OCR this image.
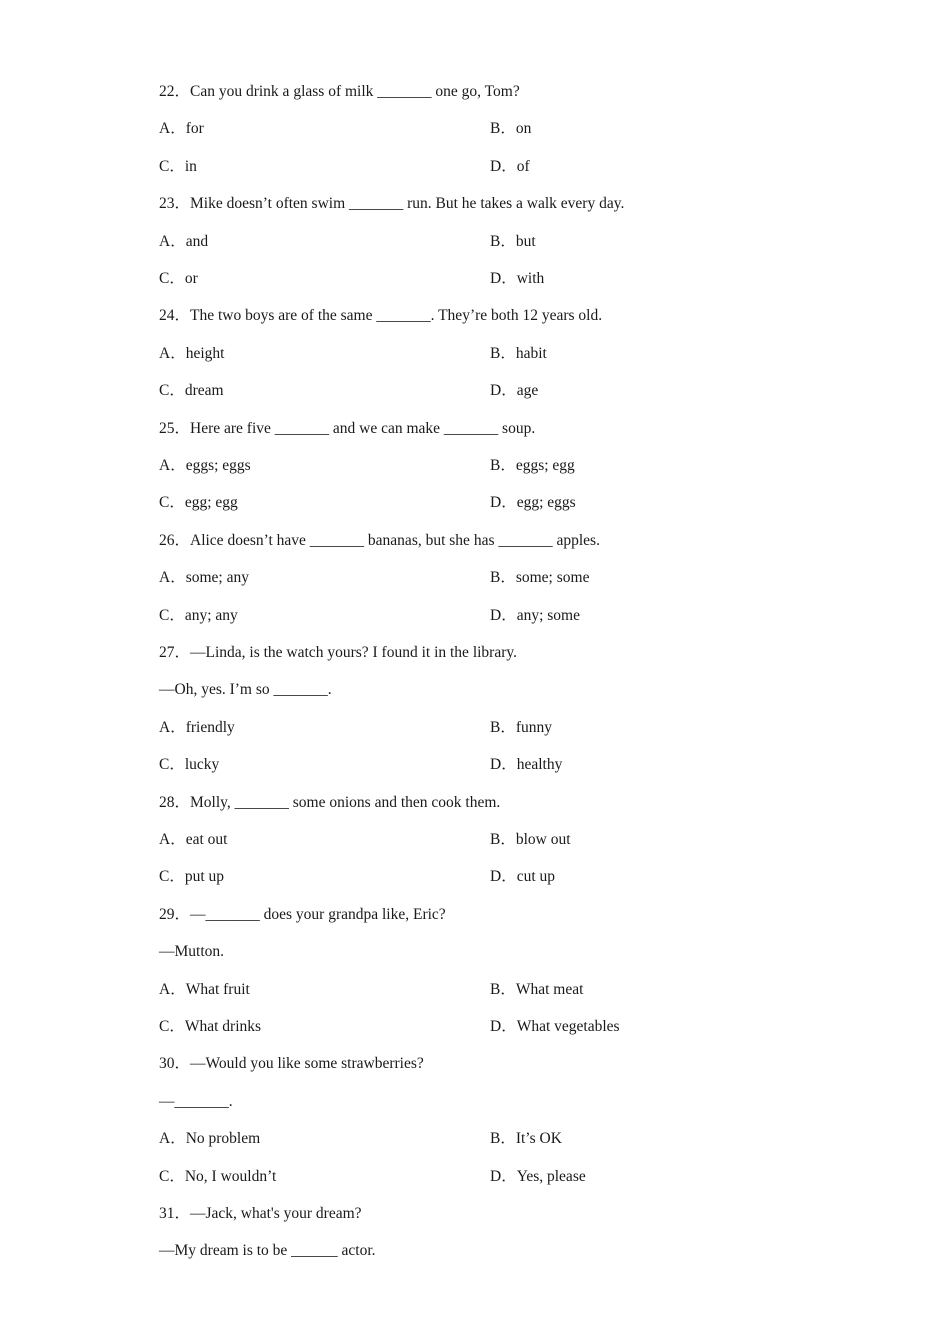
22．Can you drink a glass of milk _______ one go, Tom?
A．for	B．on
C．in	D．of
23．Mike doesn’t often swim _______ run. But he takes a walk every day.
A．and	B．but
C．or	D．with
24．The two boys are of the same _______. They’re both 12 years old.
A．height	B．habit
C．dream	D．age
25．Here are five _______ and we can make _______ soup.
A．eggs; eggs	B．eggs; egg
C．egg; egg	D．egg; eggs
26．Alice doesn’t have _______ bananas, but she has _______ apples.
A．some; any	B．some; some
C．any; any	D．any; some
27．—Linda, is the watch yours? I found it in the library.
—Oh, yes. I’m so _______.
A．friendly	B．funny
C．lucky	D．healthy
28．Molly, _______ some onions and then cook them.
A．eat out	B．blow out
C．put up	D．cut up
29．—_______ does your grandpa like, Eric?
—Mutton.
A．What fruit	B．What meat
C．What drinks	D．What vegetables
30．—Would you like some strawberries?
—_______.
A．No problem	B．It’s OK
C．No, I wouldn’t	D．Yes, please
31．—Jack, what's your dream?
—My dream is to be ______ actor.
